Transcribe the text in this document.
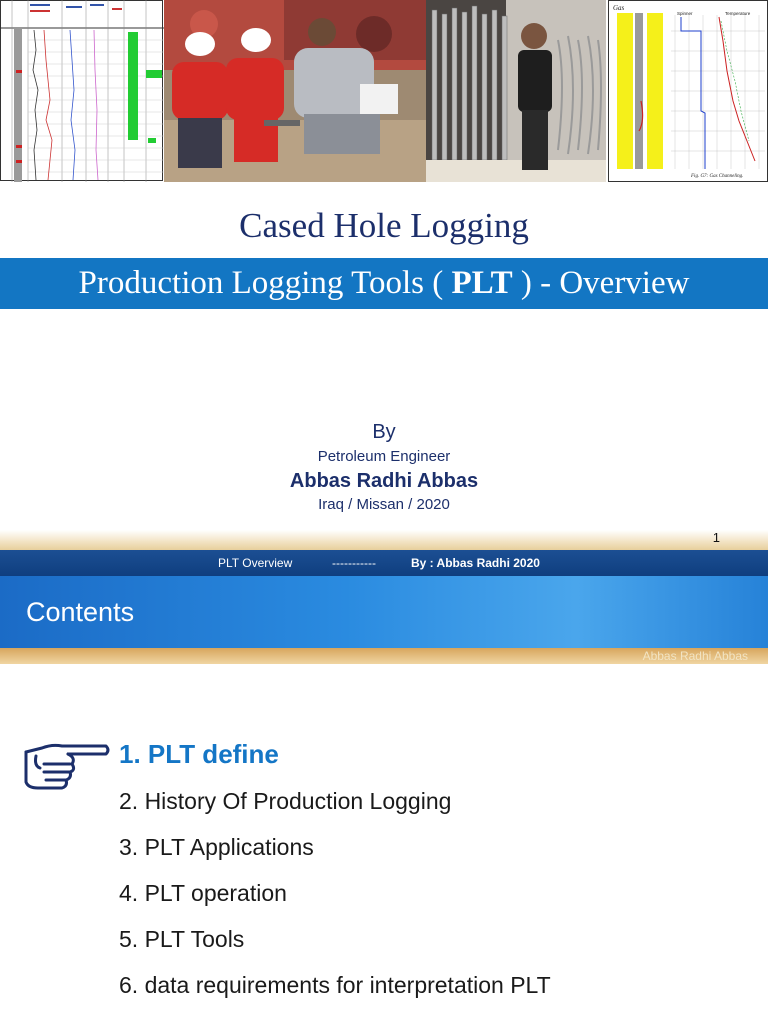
Gas
Spinner	Temperature
Fig. G7: Gas Channeling.
Cased Hole Logging
Production Logging Tools ( PLT ) - Overview
By
Petroleum Engineer
Abbas Radhi Abbas
Iraq / Missan / 2020
1
PLT Overview	-----------	By : Abbas Radhi 2020
Contents
Abbas Radhi Abbas
1. PLT define
2. History Of Production Logging
3. PLT Applications
4. PLT operation
5. PLT Tools
6. data requirements for interpretation PLT
